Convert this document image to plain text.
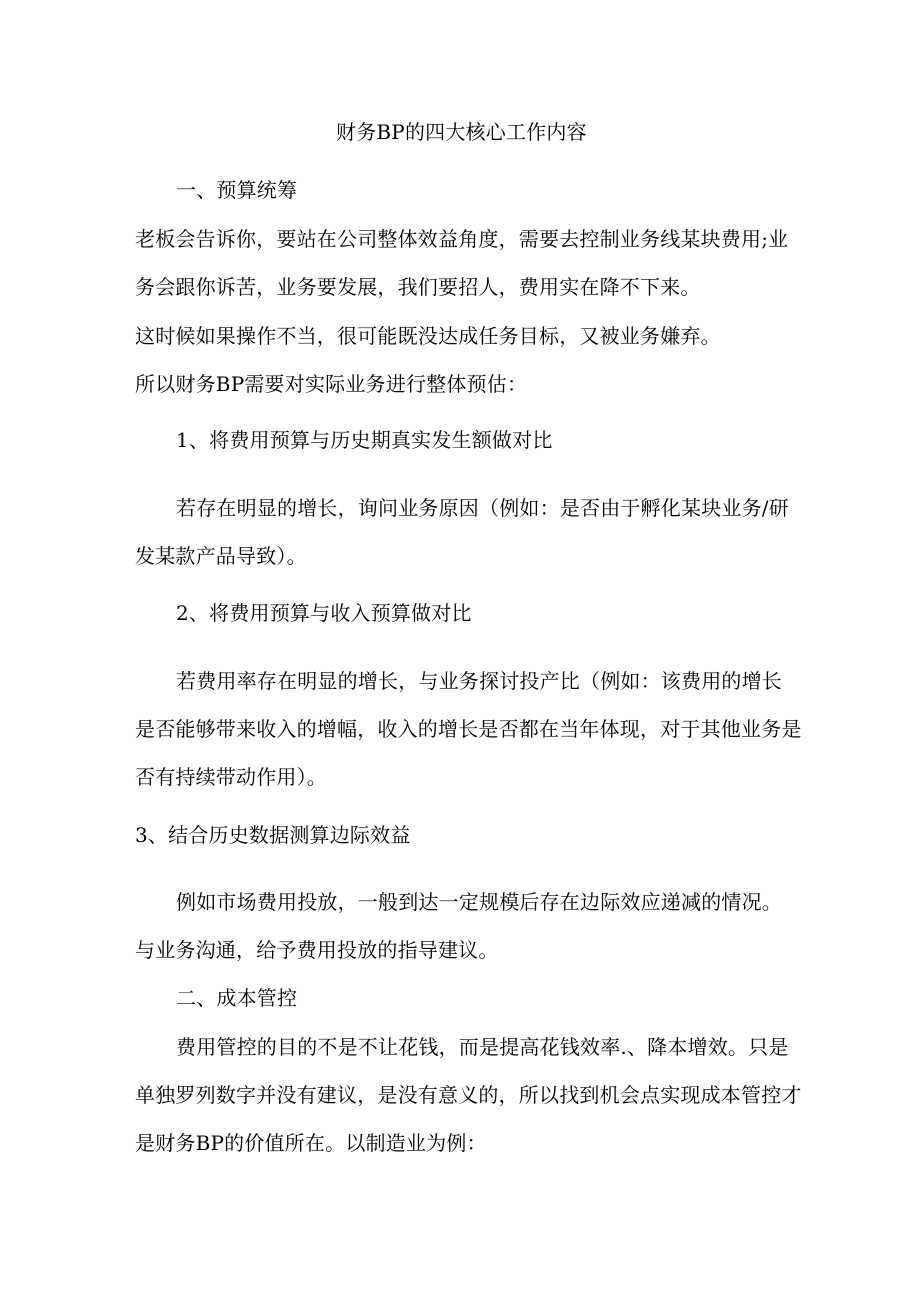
财务BP的四大核心工作内容
一、预算统筹
老板会告诉你，要站在公司整体效益角度，需要去控制业务线某块费用;业
务会跟你诉苦，业务要发展，我们要招人，费用实在降不下来。
这时候如果操作不当，很可能既没达成任务目标，又被业务嫌弃。
所以财务BP需要对实际业务进行整体预估：
1、将费用预算与历史期真实发生额做对比
若存在明显的增长，询问业务原因（例如：是否由于孵化某块业务/研
发某款产品导致）。
2、将费用预算与收入预算做对比
若费用率存在明显的增长，与业务探讨投产比（例如：该费用的增长
是否能够带来收入的增幅，收入的增长是否都在当年体现，对于其他业务是
否有持续带动作用）。
3、结合历史数据测算边际效益
例如市场费用投放，一般到达一定规模后存在边际效应递减的情况。
与业务沟通，给予费用投放的指导建议。
二、成本管控
费用管控的目的不是不让花钱，而是提高花钱效率.、降本增效。只是
单独罗列数字并没有建议，是没有意义的，所以找到机会点实现成本管控才
是财务BP的价值所在。以制造业为例：
